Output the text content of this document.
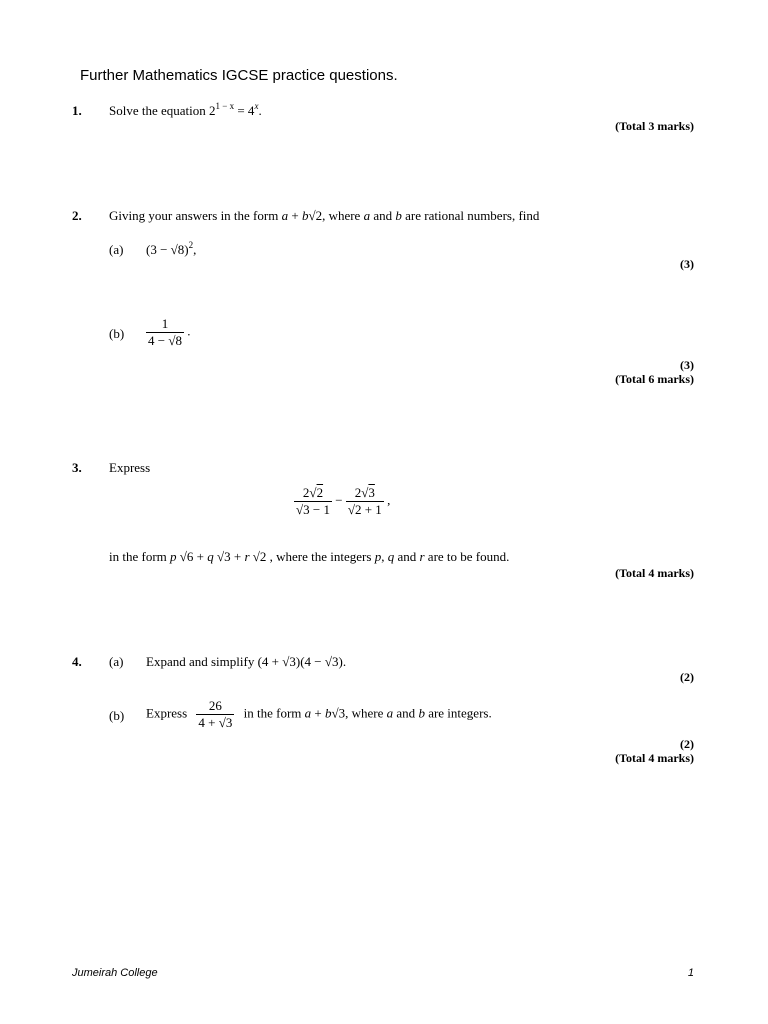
Further Mathematics IGCSE practice questions.
1. Solve the equation $2^{1 - x} = 4^x$.
(Total 3 marks)
2. Giving your answers in the form a + b√2, where a and b are rational numbers, find
(a) $(3 - √8)^2$,
(3)
$(b) \frac{1}{4 - √8}$ .
(3)
(Total 6 marks)
3. Express
$\frac{2√2}{√3 - 1} - \frac{2√3}{√2 + 1}$ ,
in the form p √6 + q √3 + r √2 , where the integers p, q and r are to be found.
(Total 4 marks)
4. (a) Expand and simplify (4 + √3)(4 − √3).
(2)
(b) Express $\frac{26}{4 + √3}$ in the form a + b√3, where a and b are integers.
(2)
(Total 4 marks)
Jumeirah College	1
